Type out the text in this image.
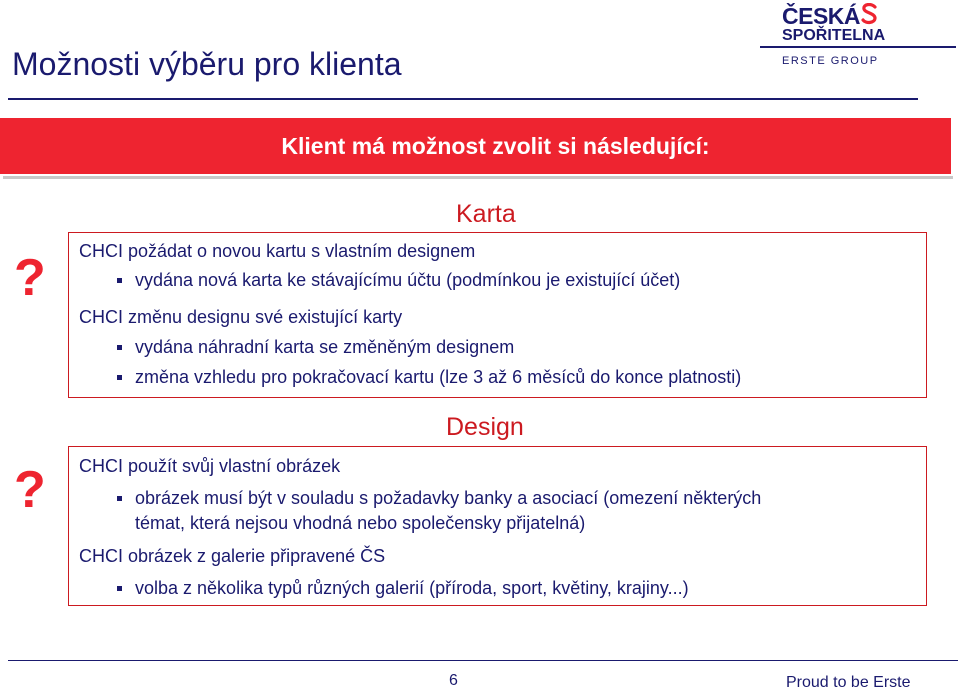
Možnosti výběru pro klienta
ČESKÁ
SPOŘITELNA
ERSTE GROUP
Klient má možnost zvolit si následující:
Karta
? CHCI požádat o novou kartu s vlastním designem
vydána nová karta ke stávajícímu účtu (podmínkou je existující účet)
CHCI změnu designu své existující karty
vydána náhradní karta se změněným designem
změna vzhledu pro pokračovací kartu (lze 3 až 6 měsíců do konce platnosti)
Design
? CHCI použít svůj vlastní obrázek
obrázek musí být v souladu s požadavky banky a asociací (omezení některých
témat, která nejsou vhodná nebo společensky přijatelná)
CHCI obrázek z galerie připravené ČS
volba z několika typů různých galerií (příroda, sport, květiny, krajiny...)
6	Proud to be Erste
